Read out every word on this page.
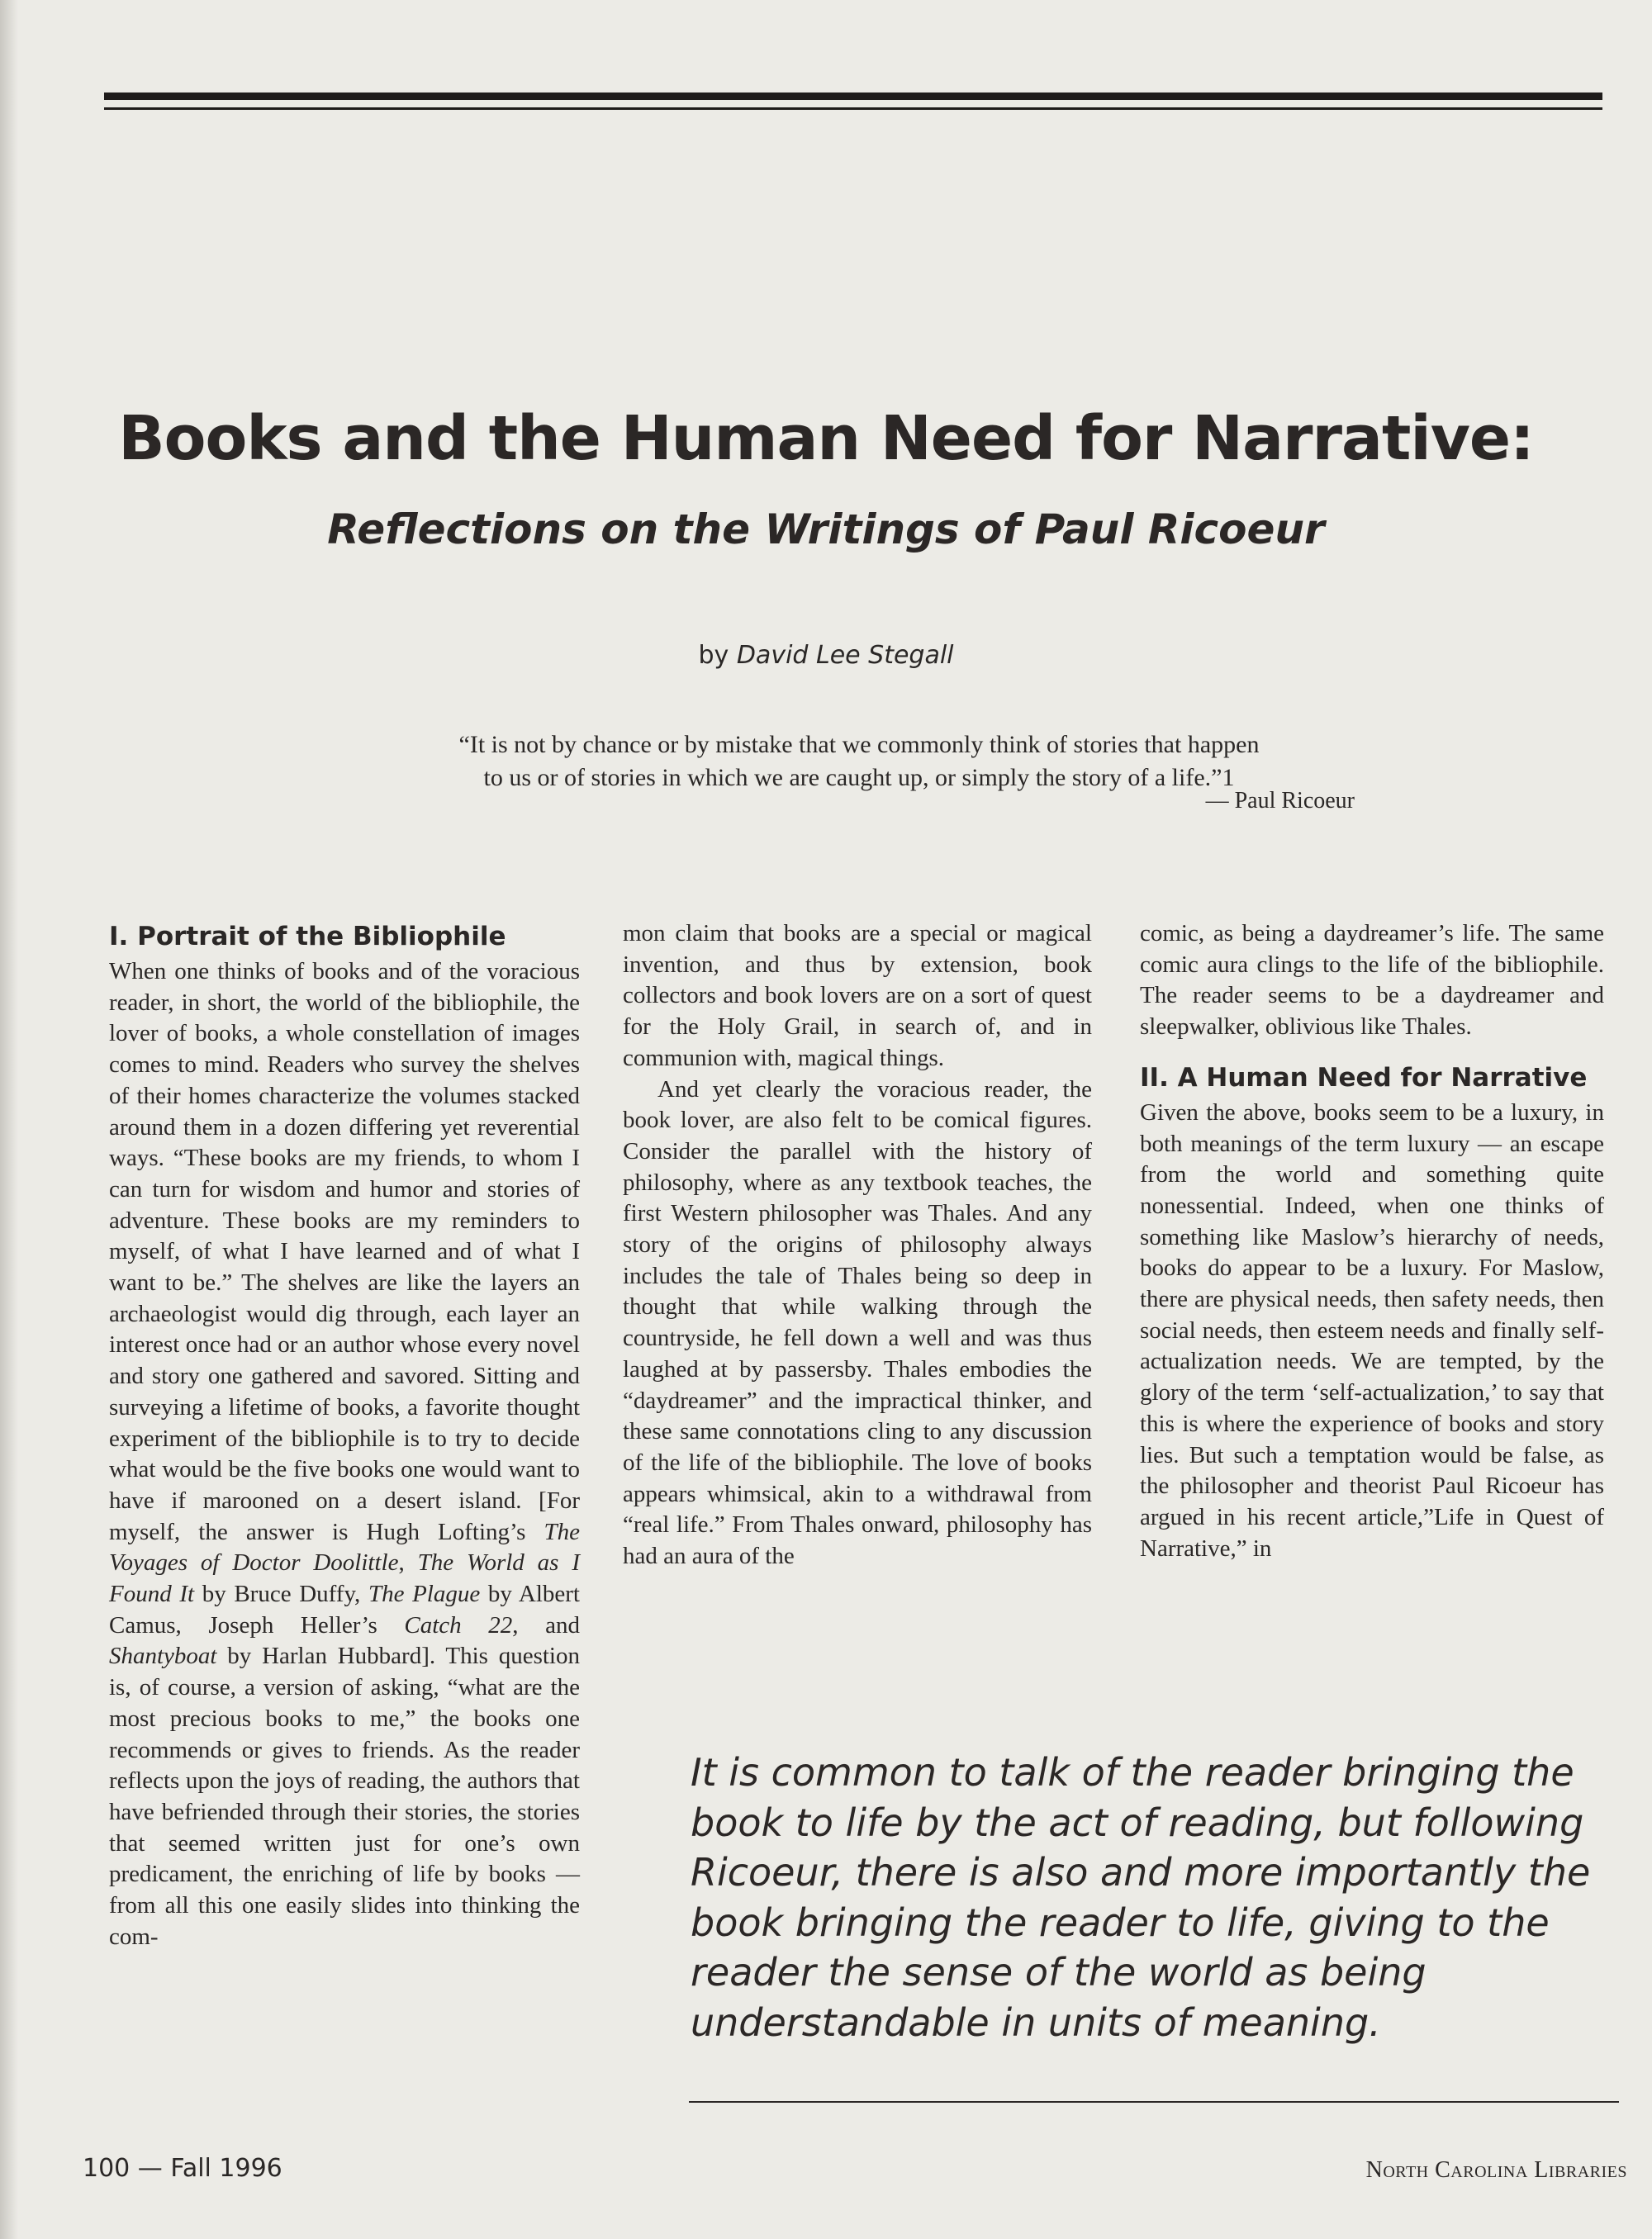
Books and the Human Need for Narrative:
Reflections on the Writings of Paul Ricoeur
by David Lee Stegall

“It is not by chance or by mistake that we commonly think of stories that happen
to us or of stories in which we are caught up, or simply the story of a life.”1

— Paul Ricoeur
I. Portrait of the Bibliophile

When one thinks of books and of the voracious reader, in short, the world of the bibliophile, the lover of books, a whole constellation of images comes to mind. Readers who survey the shelves of their homes characterize the volumes stacked around them in a dozen differing yet reverential ways. “These books are my friends, to whom I can turn for wisdom and humor and stories of adventure. These books are my reminders to myself, of what I have learned and of what I want to be.” The shelves are like the layers an archaeologist would dig through, each layer an interest once had or an author whose every novel and story one gathered and savored. Sitting and surveying a lifetime of books, a favorite thought experiment of the bibliophile is to try to decide what would be the five books one would want to have if marooned on a desert island. [For myself, the answer is Hugh Lofting’s The Voyages of Doctor Doolittle, The World as I Found It by Bruce Duffy, The Plague by Albert Camus, Joseph Heller’s Catch 22, and Shantyboat by Harlan Hubbard]. This question is, of course, a version of asking, “what are the most precious books to me,” the books one recommends or gives to friends. As the reader reflects upon the joys of reading, the authors that have befriended through their stories, the stories that seemed written just for one’s own predicament, the enriching of life by books — from all this one easily slides into thinking the com-

mon claim that books are a special or magical invention, and thus by extension, book collectors and book lovers are on a sort of quest for the Holy Grail, in search of, and in communion with, magical things.

And yet clearly the voracious reader, the book lover, are also felt to be comical figures. Consider the parallel with the history of philosophy, where as any textbook teaches, the first Western philosopher was Thales. And any story of the origins of philosophy always includes the tale of Thales being so deep in thought that while walking through the countryside, he fell down a well and was thus laughed at by passersby. Thales embodies the “daydreamer” and the impractical thinker, and these same connotations cling to any discussion of the life of the bibliophile. The love of books appears whimsical, akin to a withdrawal from “real life.” From Thales onward, philosophy has had an aura of the

comic, as being a daydreamer’s life. The same comic aura clings to the life of the bibliophile. The reader seems to be a daydreamer and sleepwalker, oblivious like Thales.

II. A Human Need for Narrative

Given the above, books seem to be a luxury, in both meanings of the term luxury — an escape from the world and something quite nonessential. Indeed, when one thinks of something like Maslow’s hierarchy of needs, books do appear to be a luxury. For Maslow, there are physical needs, then safety needs, then social needs, then esteem needs and finally self-actualization needs. We are tempted, by the glory of the term ‘self-actualization,’ to say that this is where the experience of books and story lies. But such a temptation would be false, as the philosopher and theorist Paul Ricoeur has argued in his recent article,”Life in Quest of Narrative,” in

It is common to talk of the reader bringing the book to life by the act of reading, but following Ricoeur, there is also and more importantly the book bringing the reader to life, giving to the reader the sense of the world as being understandable in units of meaning.

100 — Fall 1996	North Carolina Libraries
